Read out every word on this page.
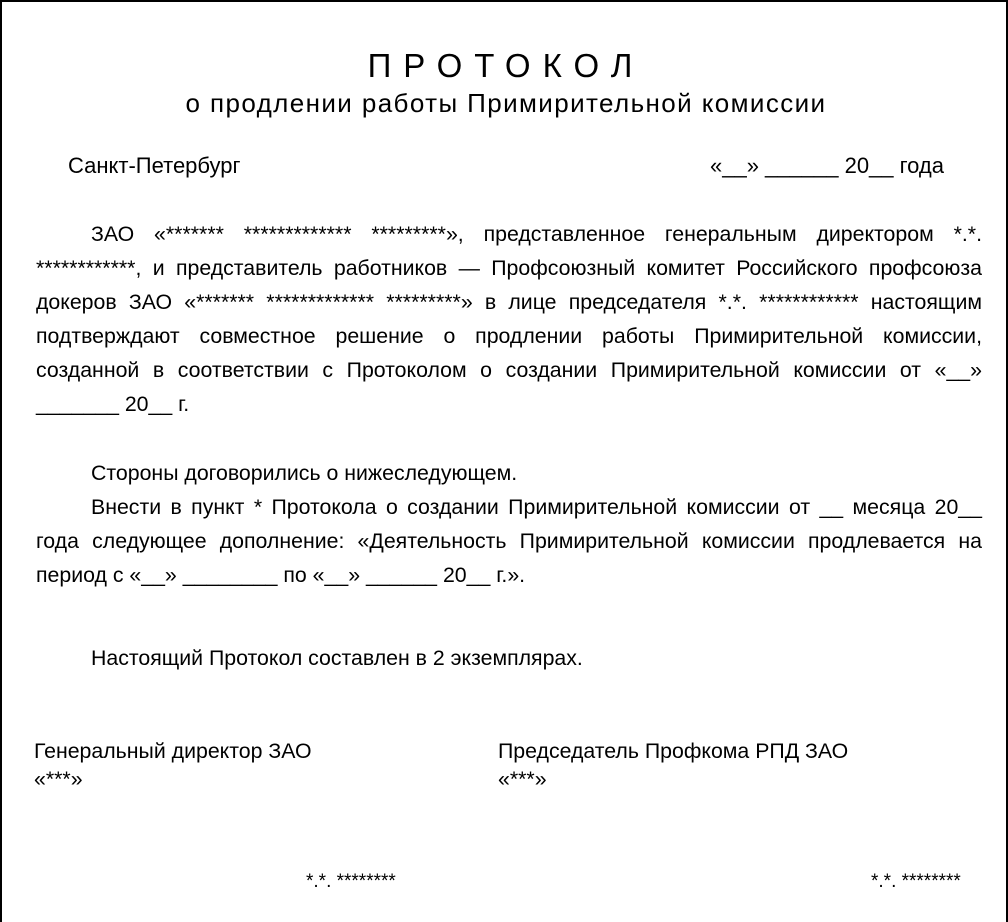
ПРОТОКОЛ
о продлении работы Примирительной комиссии
Санкт-Петербург	«__» ______ 20__ года

ЗАО «******* ************* *********», представленное генеральным директором *.*. ************, и представитель работников — Профсоюзный комитет Российского профсоюза докеров ЗАО «******* ************* *********» в лице председателя *.*. ************ настоящим подтверждают совместное решение о продлении работы Примирительной комиссии, созданной в соответствии с Протоколом о создании Примирительной комиссии от «__» _______ 20__ г.

Стороны договорились о нижеследующем.

Внести в пункт * Протокола о создании Примирительной комиссии от __ месяца 20__ года следующее дополнение: «Деятельность Примирительной комиссии продлевается на период с «__» ________ по «__» ______ 20__ г.».

Настоящий Протокол составлен в 2 экземплярах.

Генеральный директор ЗАО
«***»
Председатель Профкома РПД ЗАО
«***»
*.*. ********	*.*. ********
